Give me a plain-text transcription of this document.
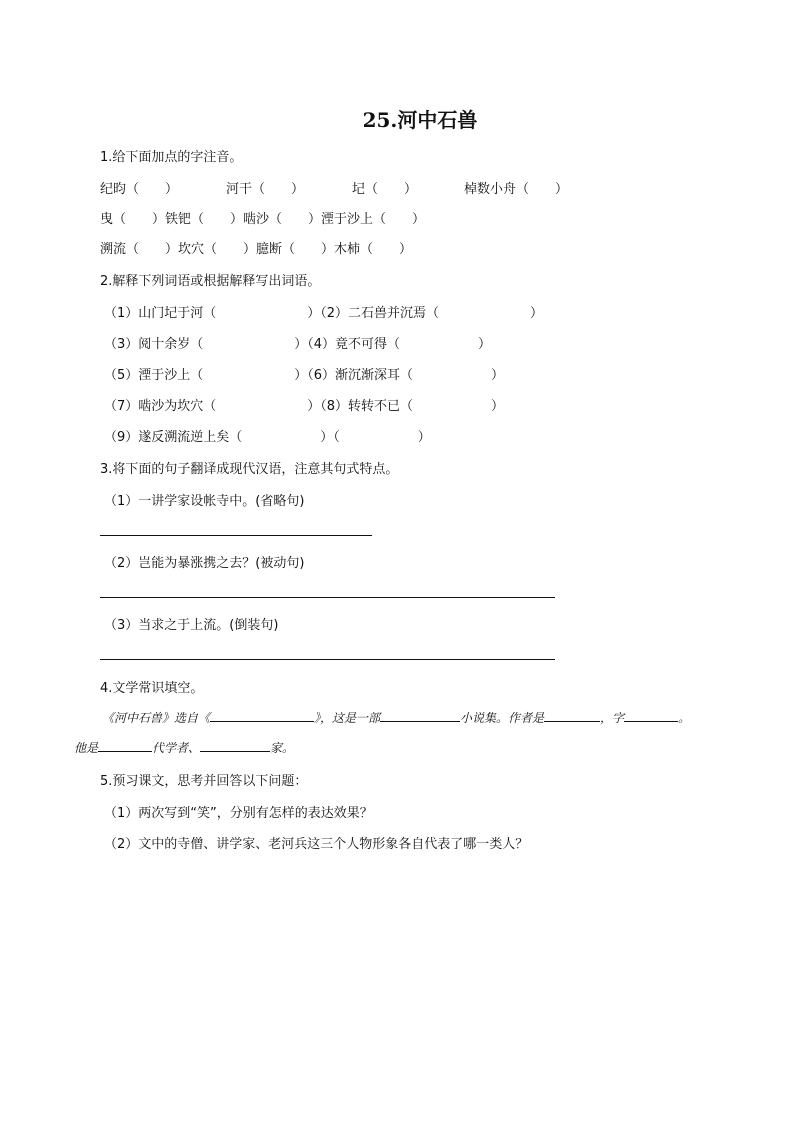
25.河中石兽
1.给下面加点的字注音。
纪昀（　　）	河干（　　）	圮（　　）	棹数小舟（　　）
曳（　　）铁钯（　　）啮沙（　　）湮于沙上（　　）
溯流（　　）坎穴（　　）臆断（　　）木柿（　　）
2.解释下列词语或根据解释写出词语。
（1）山门圮于河（　　　　　　　）（2）二石兽并沉焉（　　　　　　　）
（3）阅十余岁（　　　　　　　）（4）竟不可得（　　　　　　）
（5）湮于沙上（　　　　　　　）（6）渐沉渐深耳（　　　　　　）
（7）啮沙为坎穴（　　　　　　　）（8）转转不已（　　　　　　）
（9）遂反溯流逆上矣（　　　　　　）（　　　　　　）
3.将下面的句子翻译成现代汉语，注意其句式特点。
（1）一讲学家设帐寺中。(省略句)
（2）岂能为暴涨携之去？(被动句)
（3）当求之于上流。(倒装句)
4.文学常识填空。
《河中石兽》选自《	》，这是一部	小说集。作者是	，字	。
他是	代学者、	家。
5.预习课文，思考并回答以下问题：
（1）两次写到“笑”，分别有怎样的表达效果？
（2）文中的寺僧、讲学家、老河兵这三个人物形象各自代表了哪一类人？
